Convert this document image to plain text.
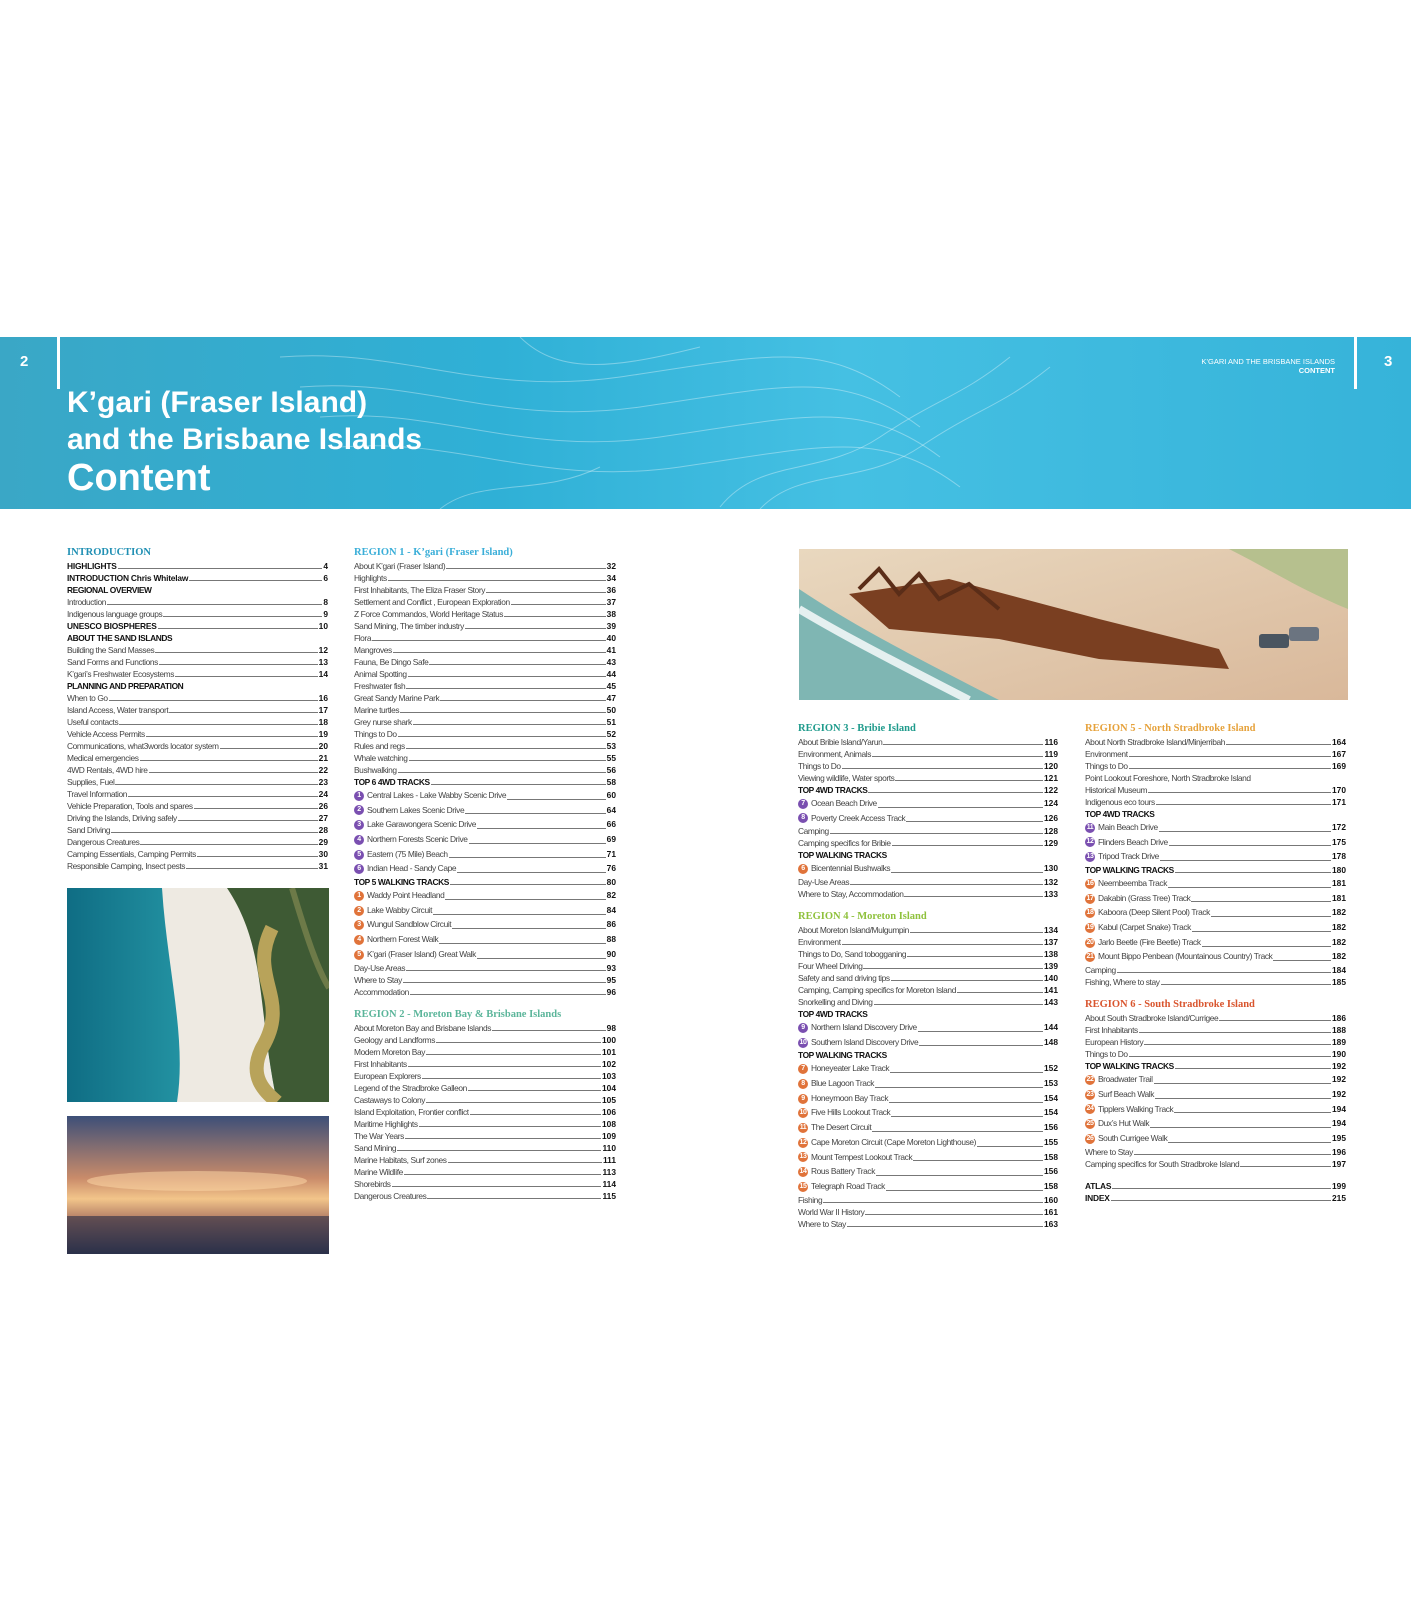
2	3
K’gari (Fraser Island)
and the Brisbane Islands
Content
K’GARI AND THE BRISBANE ISLANDS
CONTENT
INTRODUCTION
HIGHLIGHTS	4
INTRODUCTION Chris Whitelaw	6
REGIONAL OVERVIEW
Introduction	8
Indigenous language groups	9
UNESCO BIOSPHERES	10
ABOUT THE SAND ISLANDS
Building the Sand Masses	12
Sand Forms and Functions	13
K’gari’s Freshwater Ecosystems	14
PLANNING AND PREPARATION
When to Go	16
Island Access, Water transport	17
Useful contacts	18
Vehicle Access Permits	19
Communications, what3words locator system	20
Medical emergencies	21
4WD Rentals, 4WD hire	22
Supplies, Fuel	23
Travel Information	24
Vehicle Preparation, Tools and spares	26
Driving the Islands, Driving safely	27
Sand Driving	28
Dangerous Creatures	29
Camping Essentials, Camping Permits	30
Responsible Camping, Insect pests	31
REGION 1 - K’gari (Fraser Island)
About K’gari (Fraser Island)	32
Highlights	34
First Inhabitants, The Eliza Fraser Story	36
Settlement and Conflict , European Exploration	37
Z Force Commandos, World Heritage Status	38
Sand Mining, The timber industry	39
Flora	40
Mangroves	41
Fauna, Be Dingo Safe	43
Animal Spotting	44
Freshwater fish	45
Great Sandy Marine Park	47
Marine turtles	50
Grey nurse shark	51
Things to Do	52
Rules and regs	53
Whale watching	55
Bushwalking	56
TOP 6 4WD TRACKS	58
1 Central Lakes - Lake Wabby Scenic Drive	60
2 Southern Lakes Scenic Drive	64
3 Lake Garawongera Scenic Drive	66
4 Northern Forests Scenic Drive	69
5 Eastern (75 Mile) Beach	71
6 Indian Head - Sandy Cape	76
TOP 5 WALKING TRACKS	80
1 Waddy Point Headland	82
2 Lake Wabby Circuit	84
3 Wungul Sandblow Circuit	86
4 Northern Forest Walk	88
5 K’gari (Fraser Island) Great Walk	90
Day-Use Areas	93
Where to Stay	95
Accommodation	96
REGION 2 - Moreton Bay & Brisbane Islands
About Moreton Bay and Brisbane Islands	98
Geology and Landforms	100
Modern Moreton Bay	101
First Inhabitants	102
European Explorers	103
Legend of the Stradbroke Galleon	104
Castaways to Colony	105
Island Exploitation, Frontier conflict	106
Maritime Highlights	108
The War Years	109
Sand Mining	110
Marine Habitats, Surf zones	111
Marine Wildlife	113
Shorebirds	114
Dangerous Creatures	115
REGION 3 - Bribie Island
About Bribie Island/Yarun	116
Environment, Animals	119
Things to Do	120
Viewing wildlife, Water sports	121
TOP 4WD TRACKS	122
7 Ocean Beach Drive	124
8 Poverty Creek Access Track	126
Camping	128
Camping specifics for Bribie	129
TOP WALKING TRACKS
6 Bicentennial Bushwalks	130
Day-Use Areas	132
Where to Stay, Accommodation	133
REGION 4 - Moreton Island
About Moreton Island/Mulgumpin	134
Environment	137
Things to Do, Sand tobogganing	138
Four Wheel Driving	139
Safety and sand driving tips	140
Camping, Camping specifics for Moreton Island	141
Snorkelling and Diving	143
TOP 4WD TRACKS
9 Northern Island Discovery Drive	144
10 Southern Island Discovery Drive	148
TOP WALKING TRACKS
7 Honeyeater Lake Track	152
8 Blue Lagoon Track	153
9 Honeymoon Bay Track	154
10 Five Hills Lookout Track	154
11 The Desert Circuit	156
12 Cape Moreton Circuit (Cape Moreton Lighthouse)	155
13 Mount Tempest Lookout Track	158
14 Rous Battery Track	156
15 Telegraph Road Track	158
Fishing	160
World War II History	161
Where to Stay	163
REGION 5 - North Stradbroke Island
About North Stradbroke Island/Minjerribah	164
Environment	167
Things to Do	169
Point Lookout Foreshore, North Stradbroke Island
Historical Museum	170
Indigenous eco tours	171
TOP 4WD TRACKS
11 Main Beach Drive	172
12 Flinders Beach Drive	175
13 Tripod Track Drive	178
TOP WALKING TRACKS	180
16 Neembeemba Track	181
17 Dakabin (Grass Tree) Track	181
18 Kaboora (Deep Silent Pool) Track	182
19 Kabul (Carpet Snake) Track	182
20 Jarlo Beetle (Fire Beetle) Track	182
21 Mount Bippo Penbean (Mountainous Country) Track	182
Camping	184
Fishing, Where to stay	185
REGION 6 - South Stradbroke Island
About South Stradbroke Island/Currigee	186
First Inhabitants	188
European History	189
Things to Do	190
TOP WALKING TRACKS	192
22 Broadwater Trail	192
23 Surf Beach Walk	192
24 Tipplers Walking Track	194
25 Dux’s Hut Walk	194
26 South Currigee Walk	195
Where to Stay	196
Camping specifics for South Stradbroke Island	197
ATLAS	199
INDEX	215
